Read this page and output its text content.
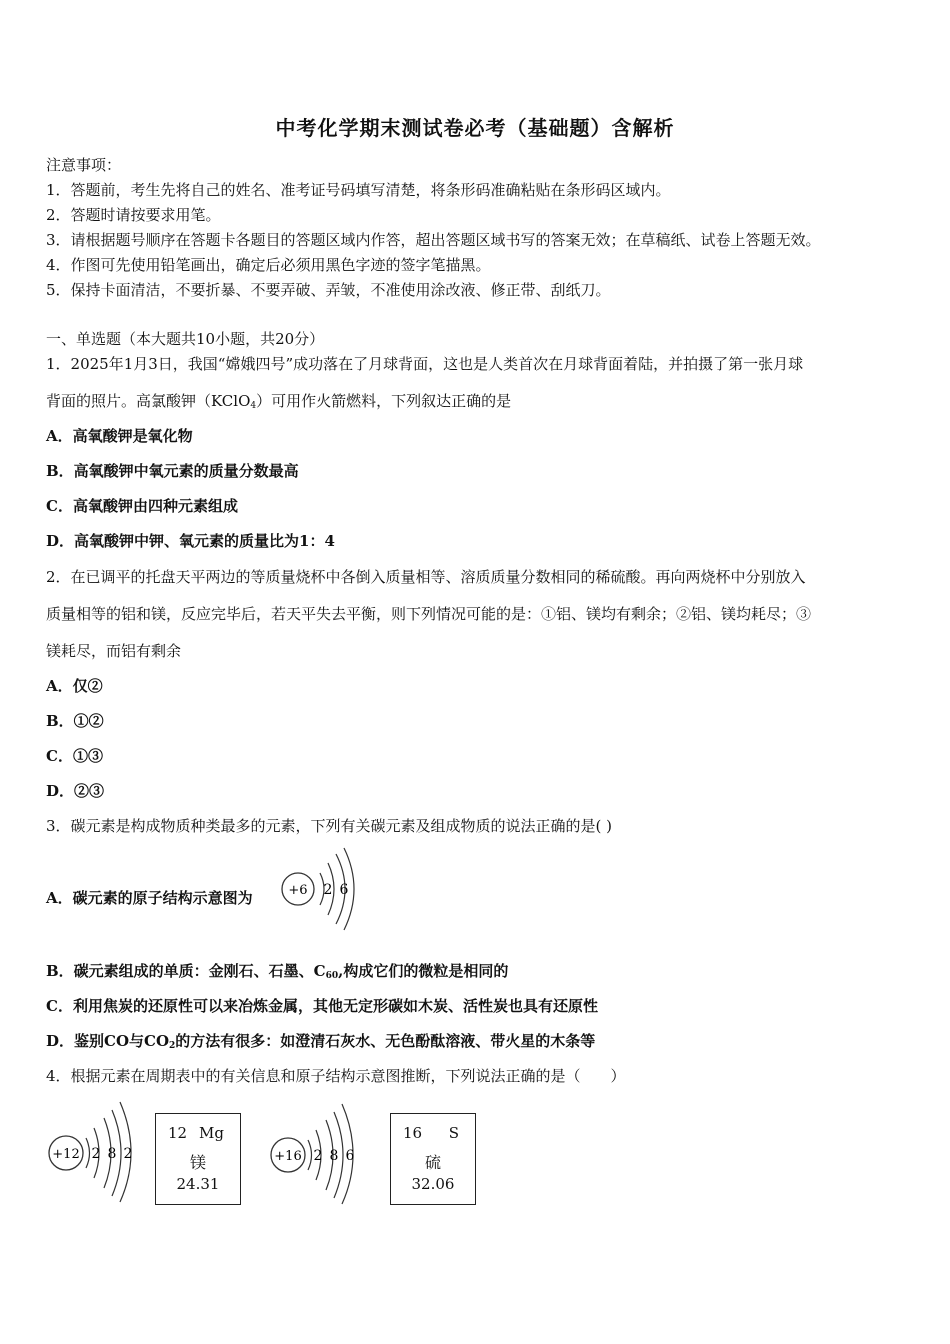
中考化学期末测试卷必考（基础题）含解析
注意事项：
1．答题前，考生先将自己的姓名、准考证号码填写清楚，将条形码准确粘贴在条形码区域内。
2．答题时请按要求用笔。
3．请根据题号顺序在答题卡各题目的答题区域内作答，超出答题区域书写的答案无效；在草稿纸、试卷上答题无效。
4．作图可先使用铅笔画出，确定后必须用黑色字迹的签字笔描黑。
5．保持卡面清洁，不要折暴、不要弄破、弄皱，不准使用涂改液、修正带、刮纸刀。
一、单选题（本大题共10小题，共20分）
1．2025年1月3日，我国“嫦娥四号”成功落在了月球背面，这也是人类首次在月球背面着陆，并拍摄了第一张月球
背面的照片。高氯酸钾（KClO$_4$）可用作火箭燃料，下列叙达正确的是
A．高氧酸钾是氧化物
B．高氧酸钾中氧元素的质量分数最高
C．高氧酸钾由四种元素组成
D．高氧酸钾中钾、氧元素的质量比为1：4
2．在已调平的托盘天平两边的等质量烧杯中各倒入质量相等、溶质质量分数相同的稀硫酸。再向两烧杯中分别放入
质量相等的铝和镁，反应完毕后，若天平失去平衡，则下列情况可能的是：①铝、镁均有剩余；②铝、镁均耗尽；③
镁耗尽，而铝有剩余
A．仅②
B．①②
C．①③
D．②③
3．碳元素是构成物质种类最多的元素，下列有关碳元素及组成物质的说法正确的是( )
A．碳元素的原子结构示意图为	+6 2 6
B．碳元素组成的单质：金刚石、石墨、$C_{60}$,构成它们的微粒是相同的
C．利用焦炭的还原性可以来冶炼金属，其他无定形碳如木炭、活性炭也具有还原性
D．鉴别CO与$CO_2$的方法有很多：如澄清石灰水、无色酚酞溶液、带火星的木条等
4．根据元素在周期表中的有关信息和原子结构示意图推断，下列说法正确的是（　　）
+12 2 8 2
12 Mg
镁
24.31
+16 2 8 6
16 S
硫
32.06
